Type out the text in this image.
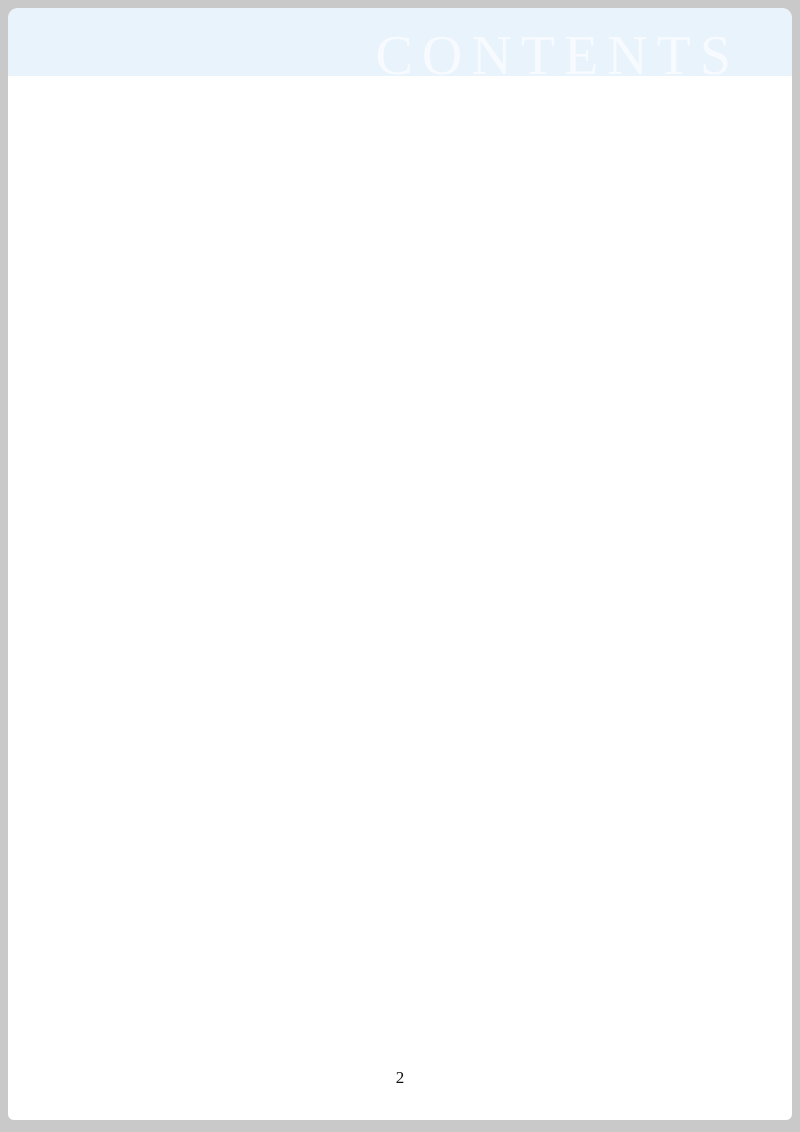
CONTENTS
2
